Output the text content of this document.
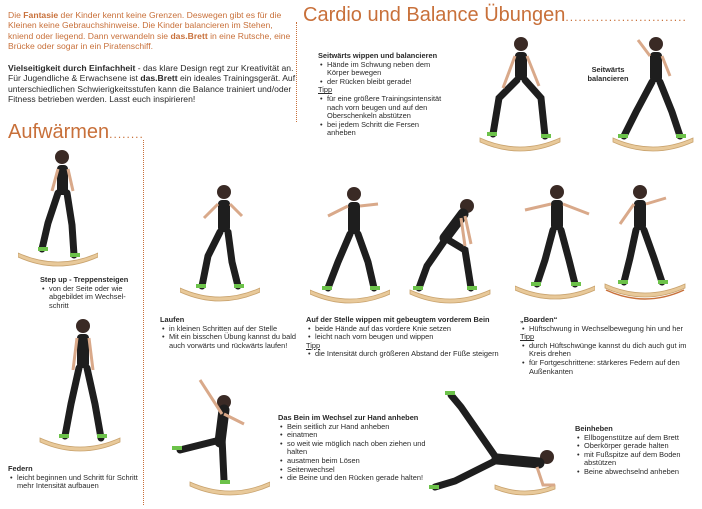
Die Fantasie der Kinder kennt keine Grenzen. Deswegen gibt es für die Kleinen keine Gebrauchshinweise. Die Kinder balancieren im Stehen, kniend oder liegend. Dann verwandeln sie das.Brett in eine Rutsche, eine Brücke oder sogar in ein Piratenschiff.
Vielseitigkeit durch Einfachheit - das klare Design regt zur Kreativität an. Für Jugendliche & Erwachsene ist das.Brett ein ideales Trainingsgerät. Auf unterschiedlichen Schwierigkeitsstufen kann die Balance trainiert und/oder Fitness betrieben werden. Lasst euch inspirieren!
Cardio und Balance Übungen............................
Aufwärmen........
Step up - Treppensteigen
• von der Seite oder wie abgebildet im Wechsel-schritt
Federn
• leicht beginnen und Schritt für Schritt mehr Intensität aufbauen
Laufen
• in kleinen Schritten auf der Stelle
• Mit ein bisschen Übung kannst du bald auch vorwärts und rückwärts laufen!
Das Bein im Wechsel zur Hand anheben
• Bein seitlich zur Hand anheben
• einatmen
• so weit wie möglich nach oben ziehen und halten
• ausatmen beim Lösen
• Seitenwechsel
• die Beine und den Rücken gerade halten!
Seitwärts wippen und balancieren
• Hände im Schwung neben dem Körper bewegen
• der Rücken bleibt gerade!
Tipp
• für eine größere Trainingsintensität nach vorn beugen und auf den Oberschenkeln abstützen
• bei jedem Schritt die Fersen anheben
Seitwärts
balancieren
Auf der Stelle wippen mit gebeugtem vorderem Bein
• beide Hände auf das vordere Knie setzen
• leicht nach vorn beugen und wippen
Tipp
• die Intensität durch größeren Abstand der Füße steigern
„Boarden“
• Hüftschwung in Wechselbewegung hin und her
Tipp
• durch Hüftschwünge kannst du dich auch gut im Kreis drehen
• für Fortgeschrittene: stärkeres Federn auf den Außenkanten
Beinheben
• Ellbogenstütze auf dem Brett
• Oberkörper gerade halten
• mit Fußspitze auf dem Boden abstützen
• Beine abwechselnd anheben
